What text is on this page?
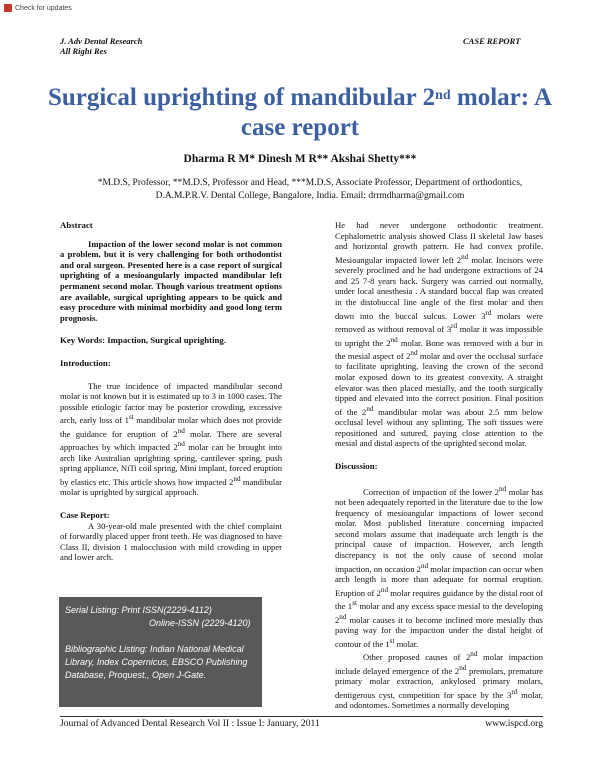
Check for updates
J. Adv Dental Research
All Right Res
CASE REPORT
Surgical uprighting of mandibular 2nd molar: A
case report
Dharma R M* Dinesh M R** Akshai Shetty***
*M.D.S, Professor, **M.D.S, Professor and Head, ***M.D.S, Associate Professor, Department of orthodontics,
D.A.M.P.R.V. Dental College, Bangalore, India. Email: drrmdharma@gmail.com

Abstract

Impaction of the lower second molar is not common a problem, but it is very challenging for both orthodontist and oral surgeon. Presented here is a case report of surgical uprighting of a mesioangularly impacted mandibular left permanent second molar. Though various treatment options are available, surgical uprighting appears to be quick and easy procedure with minimal morbidity and good long term prognosis.

Key Words: Impaction, Surgical uprighting.

Introduction:

The true incidence of impacted mandibular second molar is not known but it is estimated up to 3 in 1000 cases. The possible etiologic factor may be posterior crowding, excessive arch, early loss of 1st mandibular molar which does not provide the guidance for eruption of 2nd molar. There are several approaches by which impacted 2nd molar can be brought into arch like Australian uprighting spring, cantilever spring, push spring appliance, NiTi coil spring, Mini implant, forced eruption by elastics etc. This article shows how impacted 2nd mandibular molar is uprighted by surgical approach.

Case Report:

A 30-year-old male presented with the chief complaint of forwardly placed upper front teeth. He was diagnosed to have Class II, division 1 malocclusion with mild crowding in upper and lower arch.

Serial Listing: Print ISSN(2229-4112)
Online-ISSN (2229-4120)
Bibliographic Listing: Indian National Medical
Library, Index Copernicus, EBSCO Publishing
Database, Proquest., Open J-Gate.

He had never undergone orthodontic treatment. Cephalometric analysis showed Class II skeletal Jaw bases and horizontal growth pattern. He had convex profile. Mesioangular impacted lower left 2nd molar. Incisors were severely proclined and he had undergone extractions of 24 and 25 7-8 years back. Surgery was carried out normally, under local anesthesia . A standard buccal flap was created in the distobuccal line angle of the first molar and then down into the buccal sulcus. Lower 3rd molars were removed as without removal of 3rd molar it was impossible to upright the 2nd molar. Bone was removed with a bur in the mesial aspect of 2nd molar and over the occlusal surface to facilitate uprighting, leaving the crown of the second molar exposed down to its greatest convexity. A straight elevator was then placed mesially, and the tooth surgically tipped and elevated into the correct position. Final position of the 2nd mandibular molar was about 2.5 mm below occlusal level without any splinting. The soft tissues were repositioned and sutured, paying close attention to the mesial and distal aspects of the uprighted second molar.

Discussion:

Correction of impaction of the lower 2nd molar has not been adequately reported in the literature due to the low frequency of mesioangular impactions of lower second molar. Most published literature concerning impacted second molars assume that inadequate arch length is the principal cause of impaction. However, arch length discrepancy is not the only cause of second molar impaction, on occasion 2nd molar impaction can occur when arch length is more than adequate for normal eruption. Eruption of 2nd molar requires guidance by the distal root of the 1st molar and any excess space mesial to the developing 2nd molar causes it to become inclined more mesially thus paving way for the impaction under the distal height of contour of the 1st molar.

Other proposed causes of 2nd molar impaction include delayed emergence of the 2nd premolars, premature primary molar extraction, ankylosed primary molars, dentigerous cyst, competition for space by the 3rd molar, and odontomes. Sometimes a normally developing

Journal of Advanced Dental Research Vol II : Issue I: January, 2011	www.ispcd.org
